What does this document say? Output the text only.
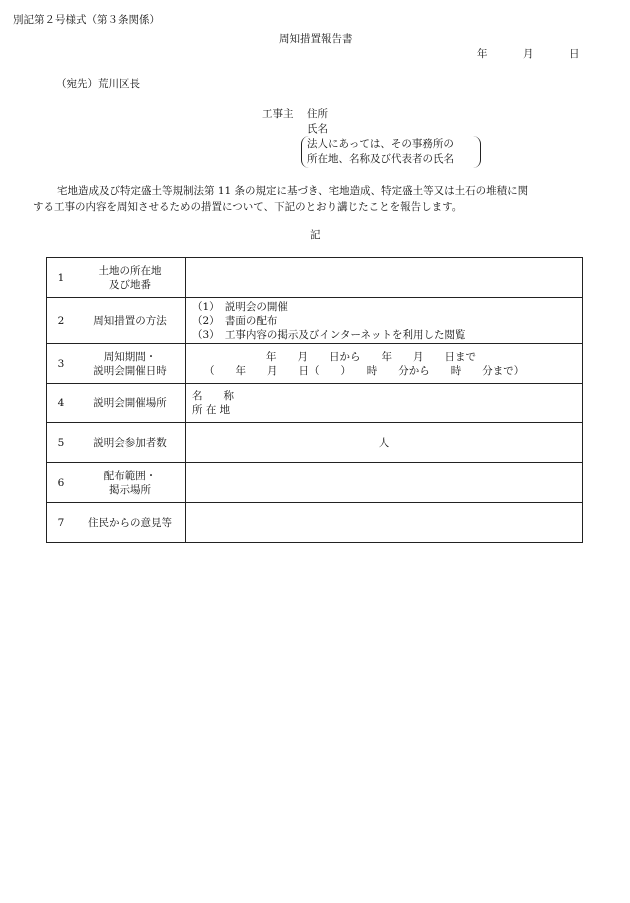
別記第２号様式（第３条関係）
周知措置報告書
年	月	日
（宛先）荒川区長
工事主 住所
氏名
法人にあっては、その事務所の
所在地、名称及び代表者の氏名
宅地造成及び特定盛土等規制法第 11 条の規定に基づき、宅地造成、特定盛土等又は土石の堆積に関
する工事の内容を周知させるための措置について、下記のとおり講じたことを報告します。
記
1	土地の所在地
及び地番	

2	周知措置の方法	（1）　説明会の開催
（2）　書面の配布
（3）　工事内容の掲示及びインターネットを利用した閲覧

3	周知期間・
説明会開催日時	年　　月　　日から　　年　　月　　日まで
（　　年　　月　　日（　　）　　時　　分から　　時　　分まで）

4	説明会開催場所	名　　称
所 在 地

5	説明会参加者数	人

6	配布範囲・
掲示場所	

7	住民からの意見等	
